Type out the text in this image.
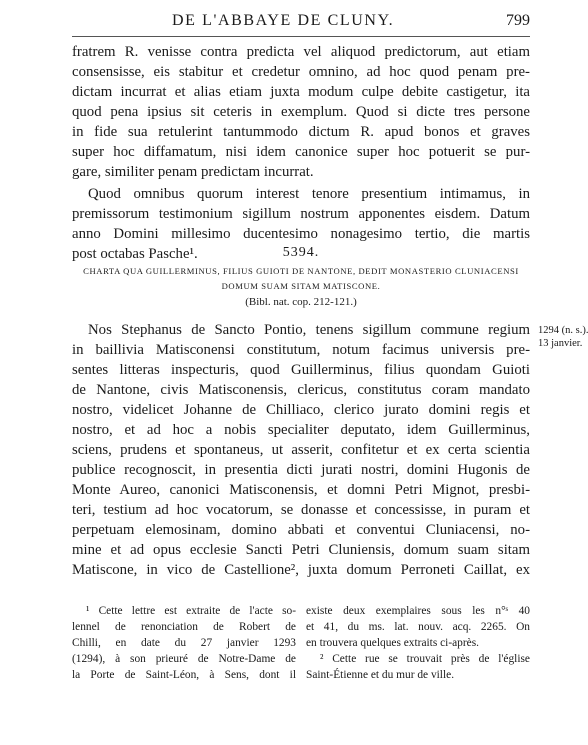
DE L'ABBAYE DE CLUNY.	799
fratrem R. venisse contra predicta vel aliquod predictorum, aut etiam
consensisse, eis stabitur et credetur omnino, ad hoc quod penam pre-
dictam incurrat et alias etiam juxta modum culpe debite castigetur, ita
quod pena ipsius sit ceteris in exemplum. Quod si dicte tres persone
in fide sua retulerint tantummodo dictum R. apud bonos et graves
super hoc diffamatum, nisi idem canonice super hoc potuerit se pur-
gare, similiter penam predictam incurrat.
Quod omnibus quorum interest tenore presentium intimamus, in
premissorum testimonium sigillum nostrum apponentes eisdem. Datum
anno Domini millesimo ducentesimo nonagesimo tertio, die martis
post octabas Pasche¹.	5394.
CHARTA QUA GUILLERMINUS, FILIUS GUIOTI DE NANTONE, DEDIT MONASTERIO CLUNIACENSI
DOMUM SUAM SITAM MATISCONE.
(Bibl. nat. cop. 212-121.)
1294 (n. s.).
13 janvier.
Nos Stephanus de Sancto Pontio, tenens sigillum commune regium
in baillivia Matisconensi constitutum, notum facimus universis pre-
sentes litteras inspecturis, quod Guillerminus, filius quondam Guioti
de Nantone, civis Matisconensis, clericus, constitutus coram mandato
nostro, videlicet Johanne de Chilliaco, clerico jurato domini regis et
nostro, et ad hoc a nobis specialiter deputato, idem Guillerminus,
sciens, prudens et spontaneus, ut asserit, confitetur et ex certa scientia
publice recognoscit, in presentia dicti jurati nostri, domini Hugonis de
Monte Aureo, canonici Matisconensis, et domni Petri Mignot, presbi-
teri, testium ad hoc vocatorum, se donasse et concessisse, in puram et
perpetuam elemosinam, domino abbati et conventui Cluniacensi, no-
mine et ad opus ecclesie Sancti Petri Cluniensis, domum suam sitam
Matiscone, in vico de Castellione², juxta domum Perroneti Caillat, ex
¹ Cette lettre est extraite de l'acte so-
lennel de renonciation de Robert de
Chilli, en date du 27 janvier 1293
(1294), à son prieuré de Notre-Dame de
la Porte de Saint-Léon, à Sens, dont il
existe deux exemplaires sous les n°ˢ 40
et 41, du ms. lat. nouv. acq. 2265. On
en trouvera quelques extraits ci-après.
² Cette rue se trouvait près de l'église
Saint-Étienne et du mur de ville.
